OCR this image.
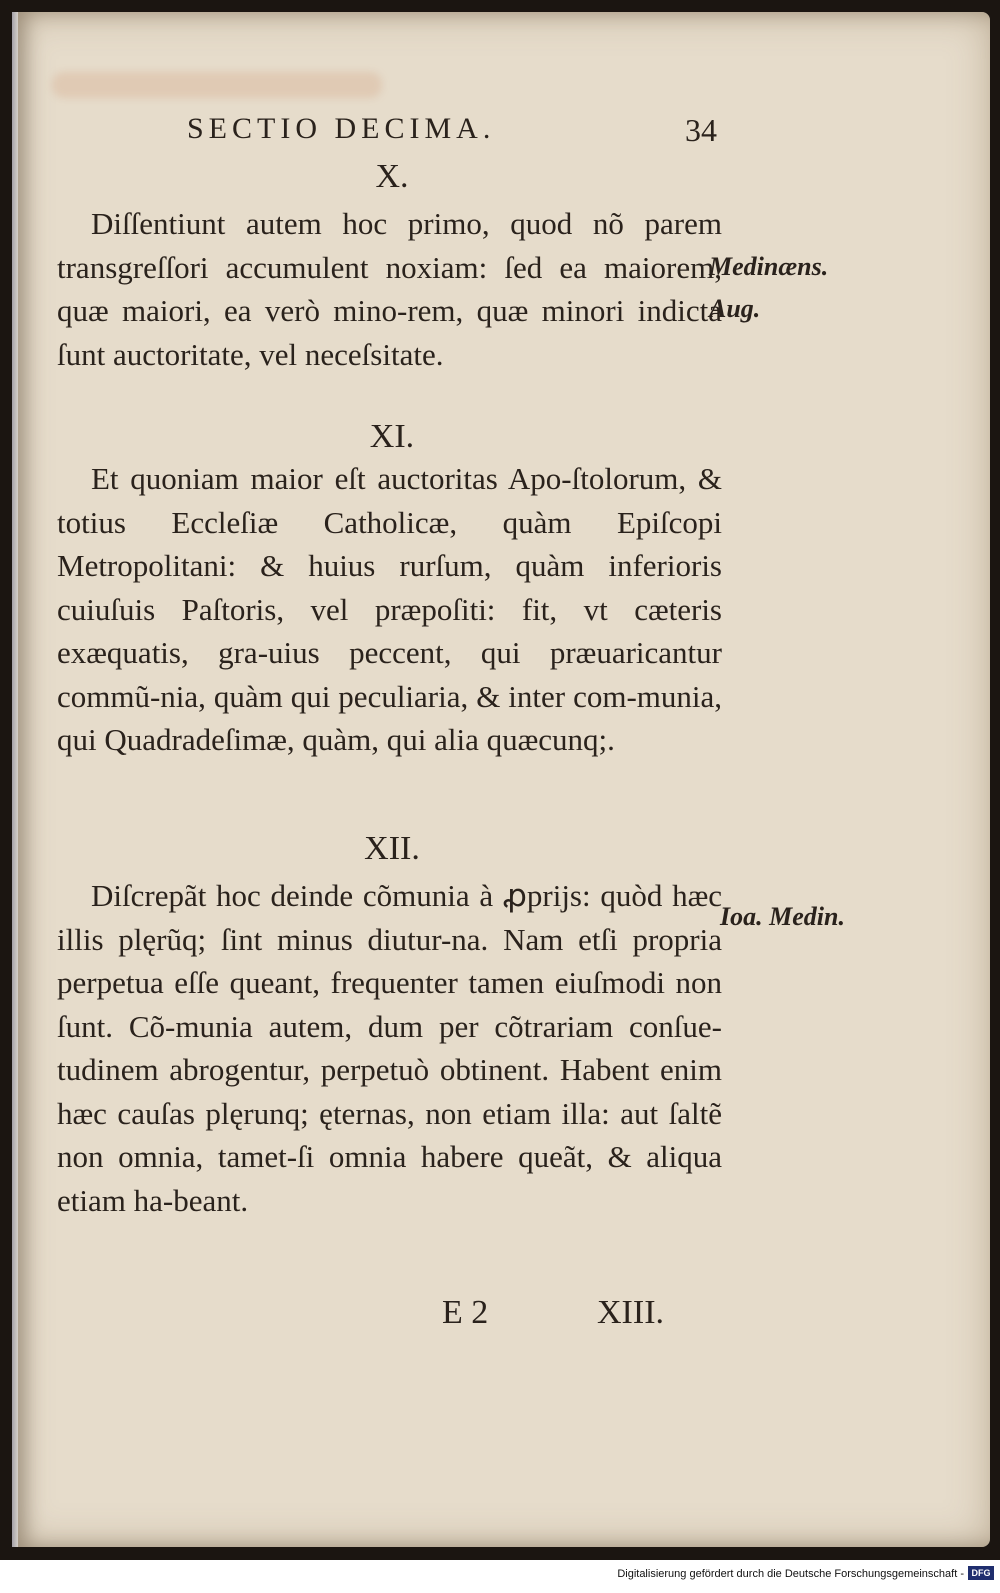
SECTIO DECIMA.	34
X.

Diſſentiunt autem hoc primo, quod nõ parem transgreſſori accumulent noxiam: ſed ea maiorem, quæ maiori, ea verò mino-rem, quæ minori indicta ſunt auctoritate, vel neceſsitate.

XI.

Et quoniam maior eſt auctoritas Apo-ſtolorum, & totius Eccleſiæ Catholicæ, quàm Epiſcopi Metropolitani: & huius rurſum, quàm inferioris cuiuſuis Paſtoris, vel præpoſiti: fit, vt cæteris exæquatis, gra-uius peccent, qui præuaricantur commũ-nia, quàm qui peculiaria, & inter com-munia, qui Quadradeſimæ, quàm, qui alia quæcunq;.

XII.

Diſcrepãt hoc deinde cõmunia à ꝓprijs: quòd hæc illis plęrũq; ſint minus diutur-na. Nam etſi propria perpetua eſſe queant, frequenter tamen eiuſmodi non ſunt. Cõ-munia autem, dum per cõtrariam conſue-tudinem abrogentur, perpetuò obtinent. Habent enim hæc cauſas plęrunq; ęternas, non etiam illa: aut ſaltẽ non omnia, tamet-ſi omnia habere queãt, & aliqua etiam ha-beant.

Medinæns.
Aug.
Ioa. Medin.
E 2	XIII.
Digitalisierung gefördert durch die Deutsche Forschungsgemeinschaft - DFG
